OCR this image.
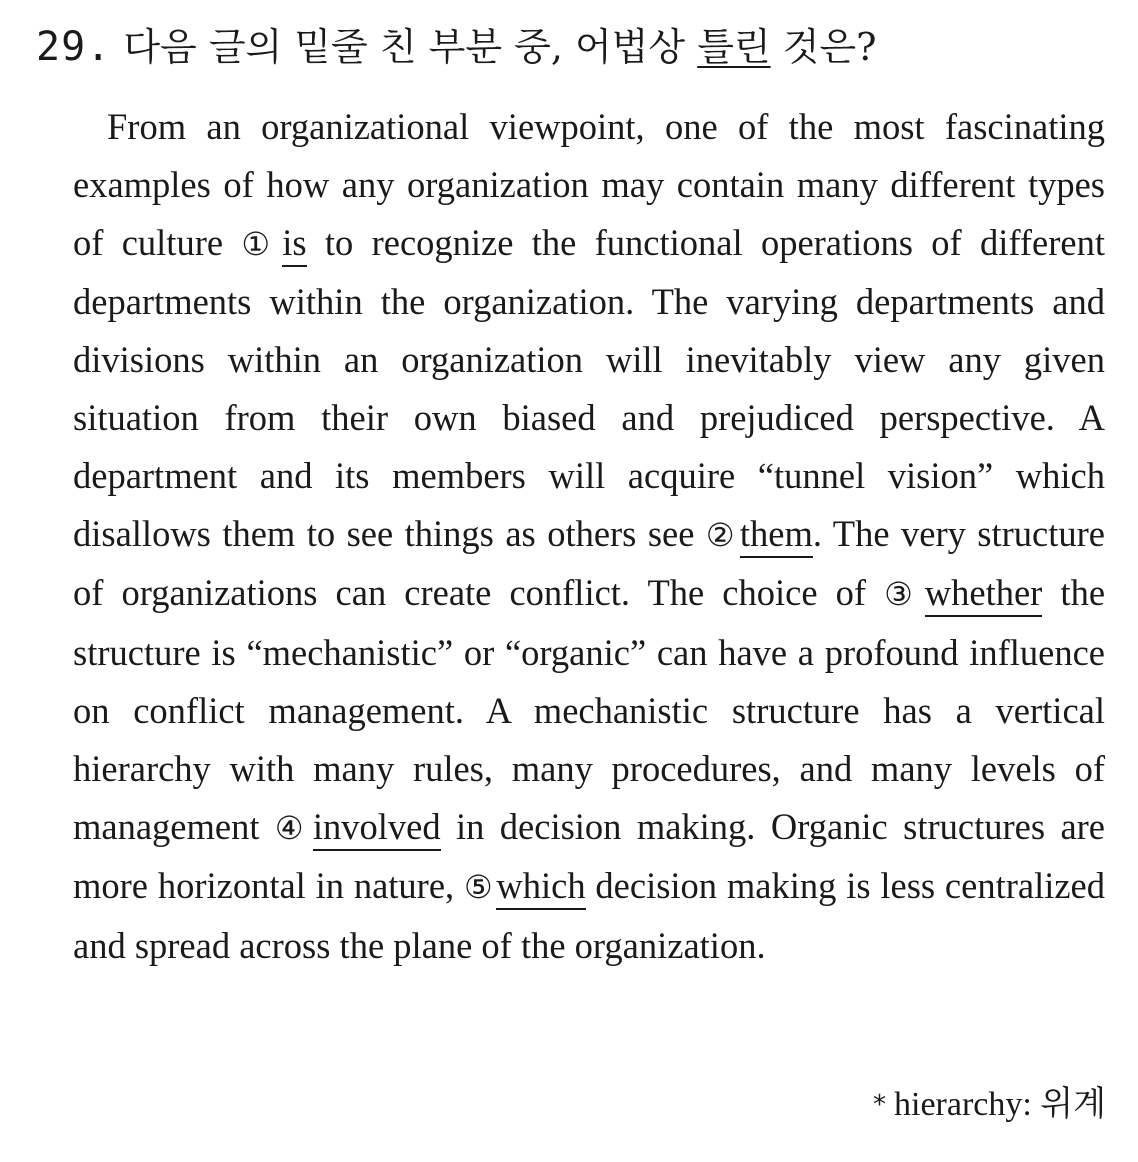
29. 다음 글의 밑줄 친 부분 중, 어법상 틀린 것은?

From an organizational viewpoint, one of the most fascinating examples of how any organization may contain many different types of culture ①is to recognize the functional operations of different departments within the organization. The varying departments and divisions within an organization will inevitably view any given situation from their own biased and prejudiced perspective. A department and its members will acquire “tunnel vision” which disallows them to see things as others see ②them. The very structure of organizations can create conflict. The choice of ③whether the structure is “mechanistic” or “organic” can have a profound influence on conflict management. A mechanistic structure has a vertical hierarchy with many rules, many procedures, and many levels of management ④involved in decision making. Organic structures are more horizontal in nature, ⑤which decision making is less centralized and spread across the plane of the organization.

* hierarchy: 위계
